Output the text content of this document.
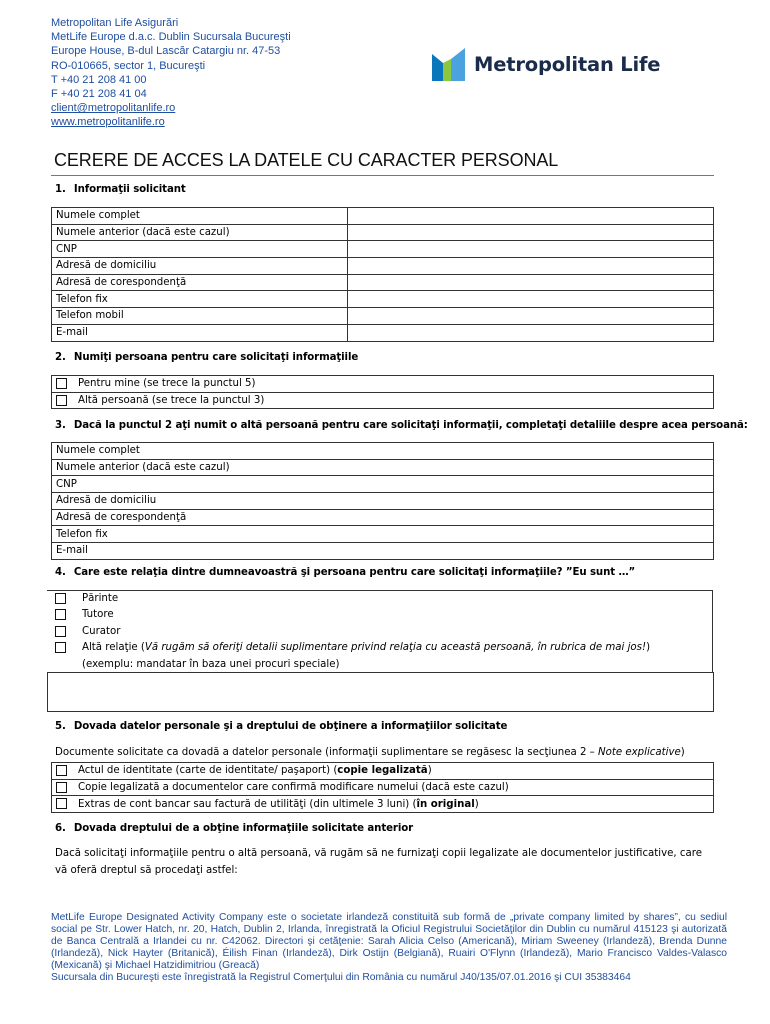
Metropolitan Life Asigurări
MetLife Europe d.a.c. Dublin Sucursala Bucureşti
Europe House, B-dul Lascăr Catargiu nr. 47-53
RO-010665, sector 1, Bucureşti
T +40 21 208 41 00
F +40 21 208 41 04
client@metropolitanlife.ro
www.metropolitanlife.ro
Metropolitan Life
CERERE DE ACCES LA DATELE CU CARACTER PERSONAL
1. Informaţii solicitant
Numele complet	
Numele anterior (dacă este cazul)	
CNP	
Adresă de domiciliu	
Adresă de corespondenţă	
Telefon fix	
Telefon mobil	
E-mail	
2. Numiţi persoana pentru care solicitaţi informaţiile
	Pentru mine (se trece la punctul 5)
	Altă persoană (se trece la punctul 3)
3. Dacă la punctul 2 aţi numit o altă persoană pentru care solicitaţi informaţii, completaţi detaliile despre acea persoană:
Numele complet	
Numele anterior (dacă este cazul)	
CNP	
Adresă de domiciliu	
Adresă de corespondenţă	
Telefon fix	
E-mail	
4. Care este relaţia dintre dumneavoastră şi persoana pentru care solicitaţi informaţiile? ”Eu sunt …”
Părinte
Tutore
Curator
Altă relaţie (Vă rugăm să oferiţi detalii suplimentare privind relaţia cu această persoană, în rubrica de mai jos!)
(exemplu: mandatar în baza unei procuri speciale)
5. Dovada datelor personale şi a dreptului de obţinere a informaţiilor solicitate
Documente solicitate ca dovadă a datelor personale (informaţii suplimentare se regăsesc la secţiunea 2 – Note explicative)
	Actul de identitate (carte de identitate/ paşaport) (copie legalizată)
	Copie legalizată a documentelor care confirmă modificare numelui (dacă este cazul)
	Extras de cont bancar sau factură de utilităţi (din ultimele 3 luni) (în original)
6. Dovada dreptului de a obţine informaţiile solicitate anterior
Dacă solicitaţi informaţiile pentru o altă persoană, vă rugăm să ne furnizaţi copii legalizate ale documentelor justificative, care vă oferă dreptul să procedaţi astfel:

MetLife Europe Designated Activity Company este o societate irlandeză constituită sub formă de „private company limited by shares”, cu sediul social pe Str. Lower Hatch, nr. 20, Hatch, Dublin 2, Irlanda, înregistrată la Oficiul Registrului Societăţilor din Dublin cu numărul 415123 şi autorizată de Banca Centrală a Irlandei cu nr. C42062. Directori şi cetăţenie: Sarah Alicia Celso (Americană), Miriam Sweeney (Irlandeză), Brenda Dunne (Irlandeză), Nick Hayter (Britanică), Éilish Finan (Irlandeză), Dirk Ostijn (Belgiană), Ruairi O'Flynn (Irlandeză), Mario Francisco Valdes-Valasco (Mexicană) şi Michael Hatzidimitriou (Greacă)

Sucursala din Bucureşti este înregistrată la Registrul Comerţului din România cu numărul J40/135/07.01.2016 şi CUI 35383464
